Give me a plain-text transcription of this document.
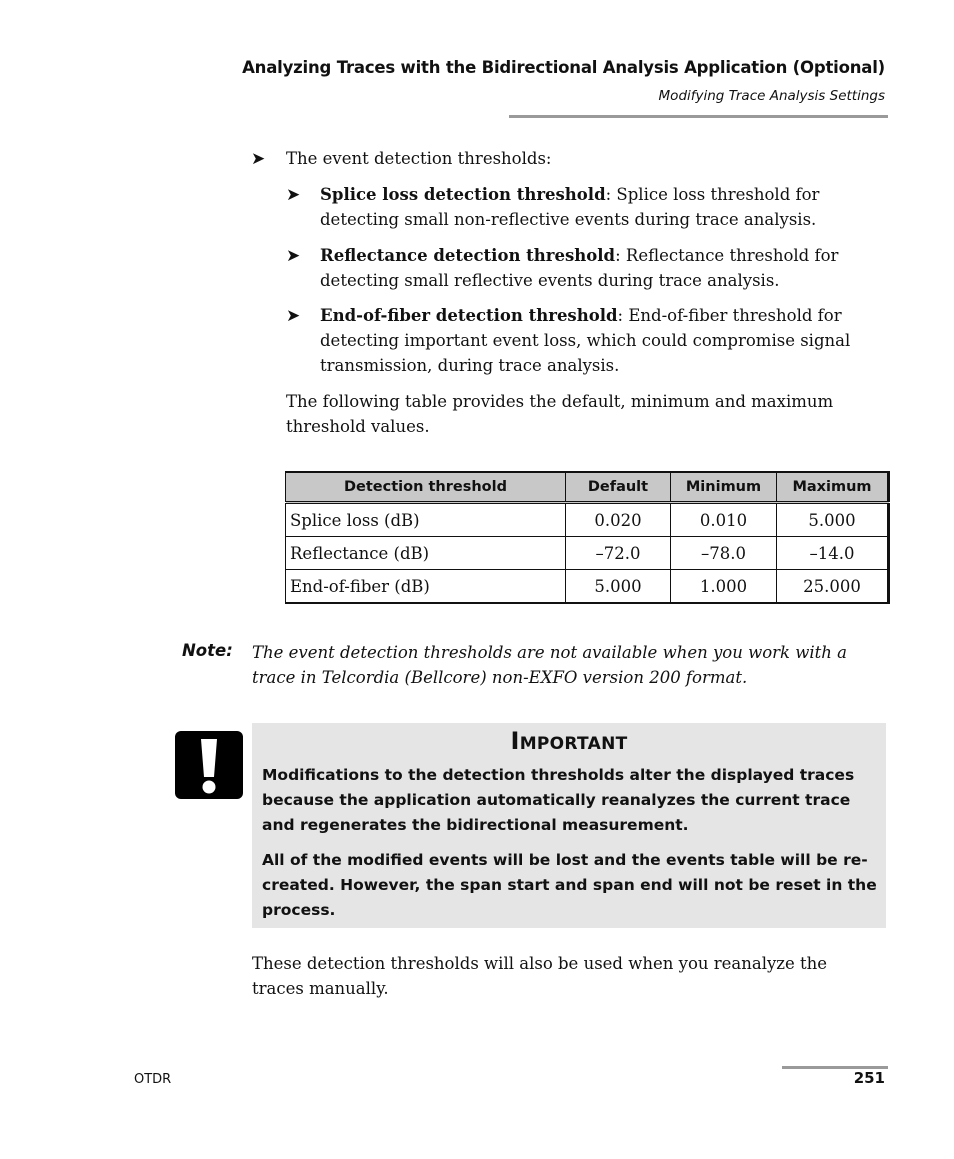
Analyzing Traces with the Bidirectional Analysis Application (Optional)
Modifying Trace Analysis Settings
➤ The event detection thresholds:
➤ Splice loss detection threshold: Splice loss threshold for detecting small non-reflective events during trace analysis.
➤ Reflectance detection threshold: Reflectance threshold for detecting small reflective events during trace analysis.
➤ End-of-fiber detection threshold: End-of-fiber threshold for detecting important event loss, which could compromise signal transmission, during trace analysis.
The following table provides the default, minimum and maximum threshold values.
Detection threshold	Default	Minimum	Maximum
Splice loss (dB)	0.020	0.010	5.000
Reflectance (dB)	–72.0	–78.0	–14.0
End-of-fiber (dB)	5.000	1.000	25.000
Note: The event detection thresholds are not available when you work with a trace in Telcordia (Bellcore) non-EXFO version 200 format.
Important
Modifications to the detection thresholds alter the displayed traces because the application automatically reanalyzes the current trace and regenerates the bidirectional measurement.
All of the modified events will be lost and the events table will be re-created. However, the span start and span end will not be reset in the process.
These detection thresholds will also be used when you reanalyze the traces manually.
OTDR	251
